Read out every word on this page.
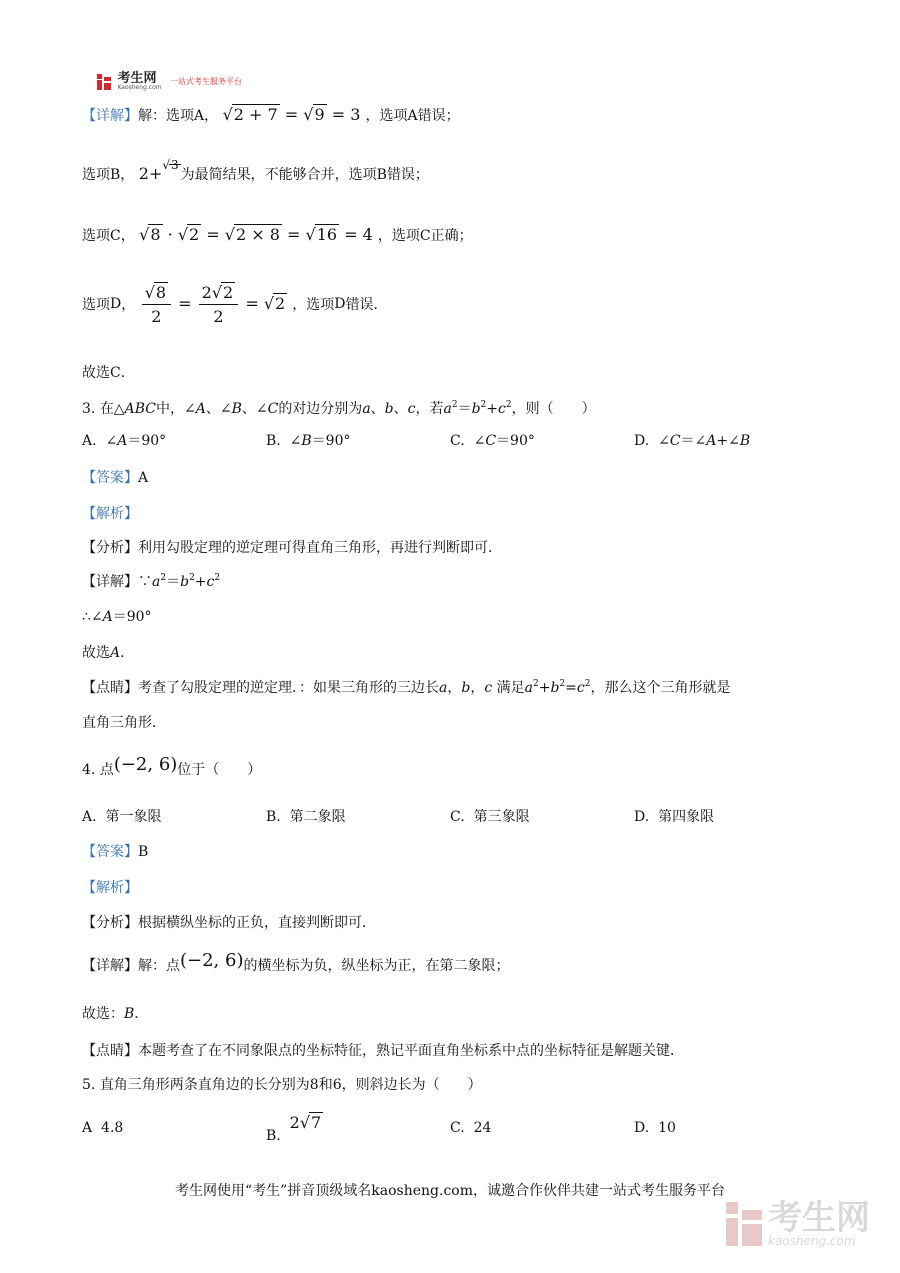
考生网
Kaosheng.com
一站式考生服务平台
【详解】解：选项A， √2 + 7 = √9 = 3 ，选项A错误；
选项B， 2+$^{√3}$为最简结果，不能够合并，选项B错误；
选项C， √8 · √2 = √2 × 8 = √16 = 4 ，选项C正确；
选项D， $\frac{√8}{2} = \frac{2√2}{2} = √2$ ，选项D错误．
故选C．
3. 在△ABC中，∠A、∠B、∠C的对边分别为a、b、c，若$a^2=b^2+c^2$，则（　　）
A.  ∠A＝90°	B.  ∠B＝90°	C.  ∠C＝90°	D.  ∠C＝∠A+∠B
【答案】A
【解析】
【分析】利用勾股定理的逆定理可得直角三角形，再进行判断即可．
【详解】$\because a^2=b^2+c^2$
∴∠A＝90°
故选A．
【点睛】考查了勾股定理的逆定理．：如果三角形的三边长a，b，c 满足$a^2+b^2=c^2$，那么这个三角形就是
直角三角形．
4. 点(−2, 6)位于（　　）
A. 第一象限	B. 第二象限	C. 第三象限	D. 第四象限
【答案】B
【解析】
【分析】根据横纵坐标的正负，直接判断即可．
【详解】解：点(−2, 6)的横坐标为负，纵坐标为正，在第二象限；
故选：B．
【点睛】本题考查了在不同象限点的坐标特征，熟记平面直角坐标系中点的坐标特征是解题关键．
5. 直角三角形两条直角边的长分别为8和6，则斜边长为（　　）
A 4.8	B.  2√7	C. 24	D. 10
考生网使用“考生”拼音顶级域名kaosheng.com，诚邀合作伙伴共建一站式考生服务平台

考生网
kaosheng.com
